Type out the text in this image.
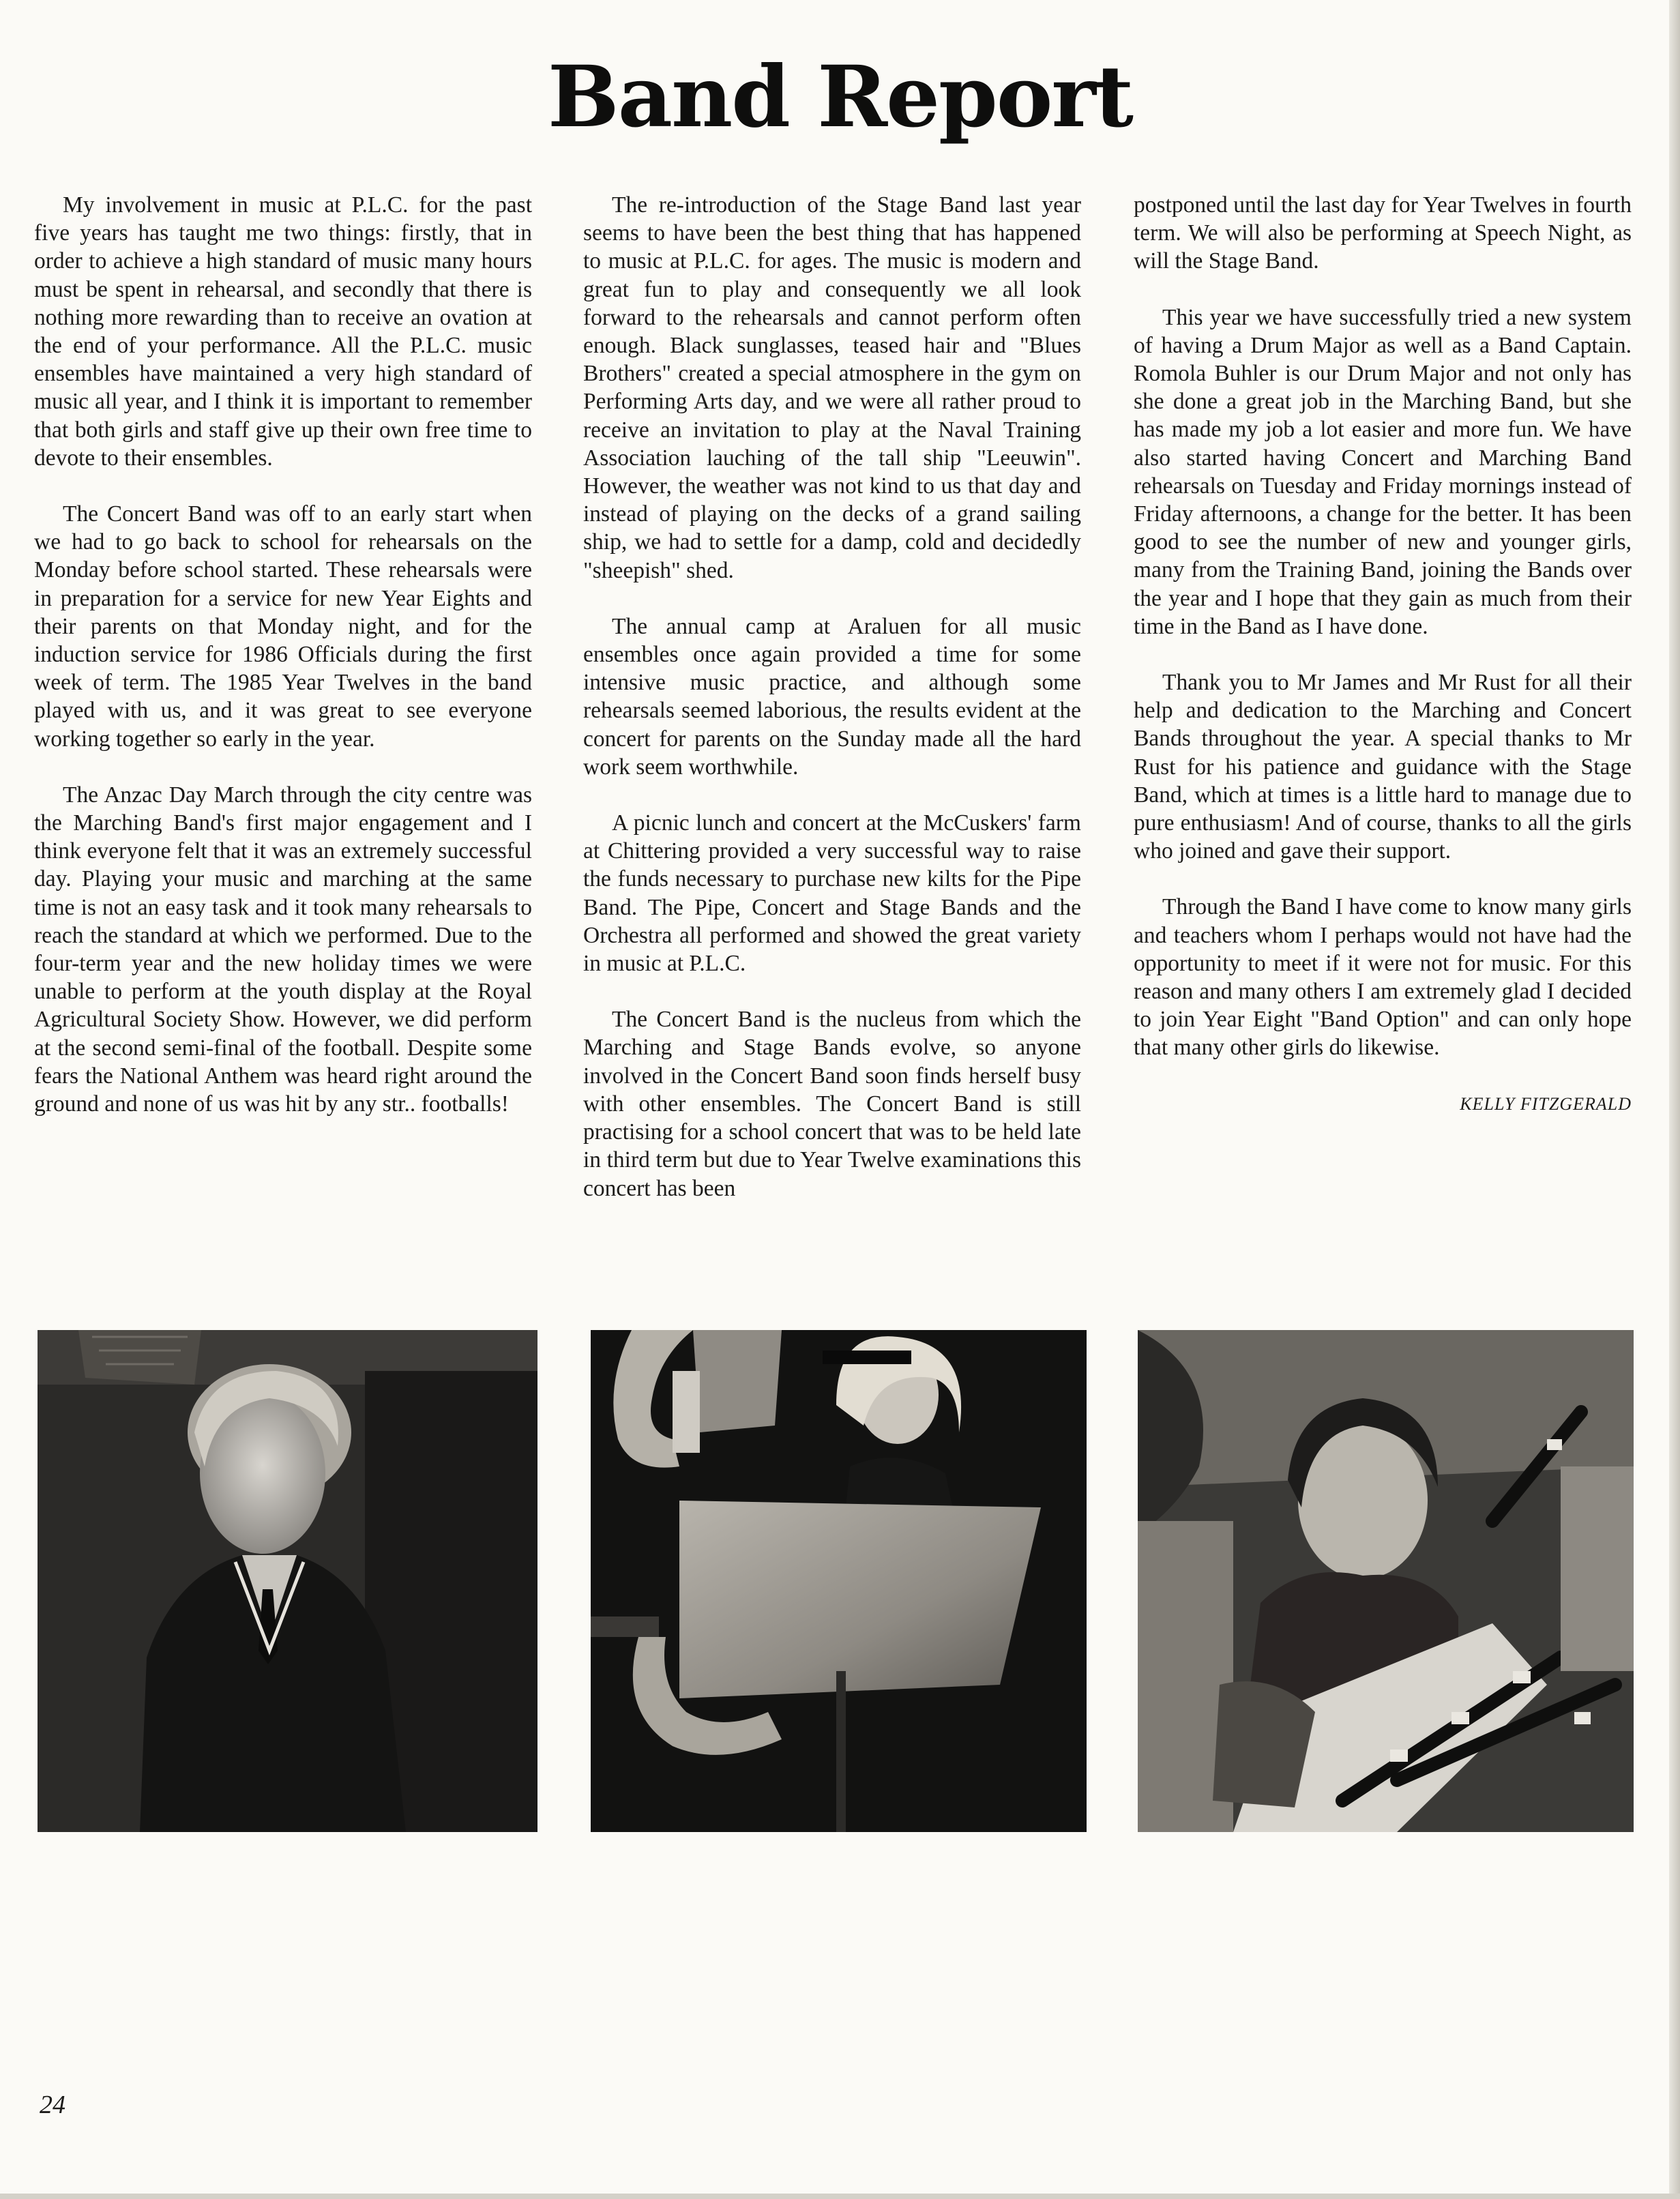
Band Report

My involvement in music at P.L.C. for the past five years has taught me two things: firstly, that in order to achieve a high standard of music many hours must be spent in rehearsal, and secondly that there is nothing more rewarding than to receive an ovation at the end of your performance. All the P.L.C. music ensembles have maintained a very high standard of music all year, and I think it is important to remember that both girls and staff give up their own free time to devote to their ensembles.

The Concert Band was off to an early start when we had to go back to school for rehearsals on the Monday before school started. These rehearsals were in preparation for a service for new Year Eights and their parents on that Monday night, and for the induction service for 1986 Officials during the first week of term. The 1985 Year Twelves in the band played with us, and it was great to see everyone working together so early in the year.

The Anzac Day March through the city centre was the Marching Band's first major engagement and I think everyone felt that it was an extremely successful day. Playing your music and marching at the same time is not an easy task and it took many rehearsals to reach the standard at which we performed. Due to the four-term year and the new holiday times we were unable to perform at the youth display at the Royal Agricultural Society Show. However, we did perform at the second semi-final of the football. Despite some fears the National Anthem was heard right around the ground and none of us was hit by any str.. footballs!

The re-introduction of the Stage Band last year seems to have been the best thing that has happened to music at P.L.C. for ages. The music is modern and great fun to play and consequently we all look forward to the rehearsals and cannot perform often enough. Black sunglasses, teased hair and "Blues Brothers" created a special atmosphere in the gym on Performing Arts day, and we were all rather proud to receive an invitation to play at the Naval Training Association lauching of the tall ship "Leeuwin". However, the weather was not kind to us that day and instead of playing on the decks of a grand sailing ship, we had to settle for a damp, cold and decidedly "sheepish" shed.

The annual camp at Araluen for all music ensembles once again provided a time for some intensive music practice, and although some rehearsals seemed laborious, the results evident at the concert for parents on the Sunday made all the hard work seem worthwhile.

A picnic lunch and concert at the McCuskers' farm at Chittering provided a very successful way to raise the funds necessary to purchase new kilts for the Pipe Band. The Pipe, Concert and Stage Bands and the Orchestra all performed and showed the great variety in music at P.L.C.

The Concert Band is the nucleus from which the Marching and Stage Bands evolve, so anyone involved in the Concert Band soon finds herself busy with other ensembles. The Concert Band is still practising for a school concert that was to be held late in third term but due to Year Twelve examinations this concert has been

postponed until the last day for Year Twelves in fourth term. We will also be performing at Speech Night, as will the Stage Band.

This year we have successfully tried a new system of having a Drum Major as well as a Band Captain. Romola Buhler is our Drum Major and not only has she done a great job in the Marching Band, but she has made my job a lot easier and more fun. We have also started having Concert and Marching Band rehearsals on Tuesday and Friday mornings instead of Friday afternoons, a change for the better. It has been good to see the number of new and younger girls, many from the Training Band, joining the Bands over the year and I hope that they gain as much from their time in the Band as I have done.

Thank you to Mr James and Mr Rust for all their help and dedication to the Marching and Concert Bands throughout the year. A special thanks to Mr Rust for his patience and guidance with the Stage Band, which at times is a little hard to manage due to pure enthusiasm! And of course, thanks to all the girls who joined and gave their support.

Through the Band I have come to know many girls and teachers whom I perhaps would not have had the opportunity to meet if it were not for music. For this reason and many others I am extremely glad I decided to join Year Eight "Band Option" and can only hope that many other girls do likewise.

KELLY FITZGERALD
24
